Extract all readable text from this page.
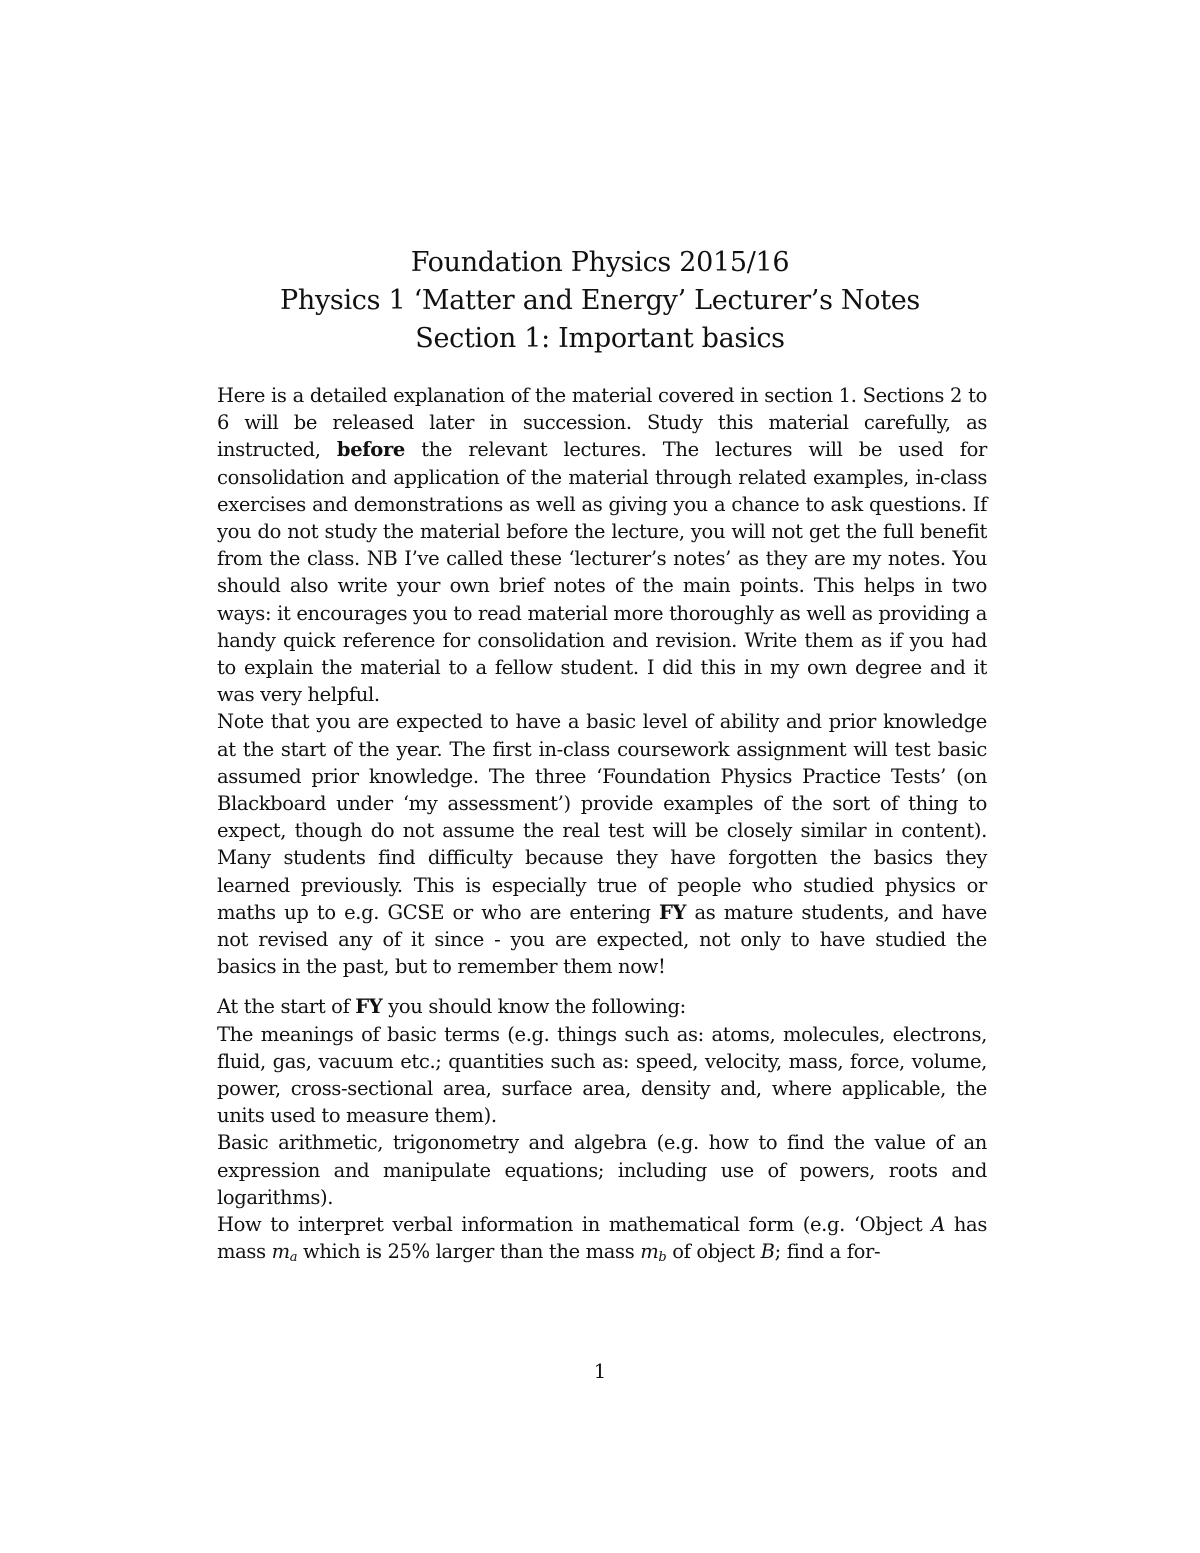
Foundation Physics 2015/16

Physics 1 ‘Matter and Energy’ Lecturer’s Notes

Section 1: Important basics

Here is a detailed explanation of the material covered in section 1. Sections 2 to 6 will be released later in succession. Study this material carefully, as instructed, before the relevant lectures. The lectures will be used for consolidation and application of the material through related examples, in-class exercises and demonstrations as well as giving you a chance to ask questions. If you do not study the material before the lecture, you will not get the full benefit from the class. NB I’ve called these ‘lecturer’s notes’ as they are my notes. You should also write your own brief notes of the main points. This helps in two ways: it encourages you to read material more thoroughly as well as providing a handy quick reference for consolidation and revision. Write them as if you had to explain the material to a fellow student. I did this in my own degree and it was very helpful.

Note that you are expected to have a basic level of ability and prior knowledge at the start of the year. The first in-class coursework assignment will test basic assumed prior knowledge. The three ‘Foundation Physics Practice Tests’ (on Blackboard under ‘my assessment’) provide examples of the sort of thing to expect, though do not assume the real test will be closely similar in content). Many students find difficulty because they have forgotten the basics they learned previously. This is especially true of people who studied physics or maths up to e.g. GCSE or who are entering FY as mature students, and have not revised any of it since - you are expected, not only to have studied the basics in the past, but to remember them now!

At the start of FY you should know the following:

The meanings of basic terms (e.g. things such as: atoms, molecules, electrons, fluid, gas, vacuum etc.; quantities such as: speed, velocity, mass, force, volume, power, cross-sectional area, surface area, density and, where applicable, the units used to measure them).

Basic arithmetic, trigonometry and algebra (e.g. how to find the value of an expression and manipulate equations; including use of powers, roots and logarithms).

How to interpret verbal information in mathematical form (e.g. ‘Object A has mass $m_a$ which is 25% larger than the mass $m_b$ of object B; find a for-

1
